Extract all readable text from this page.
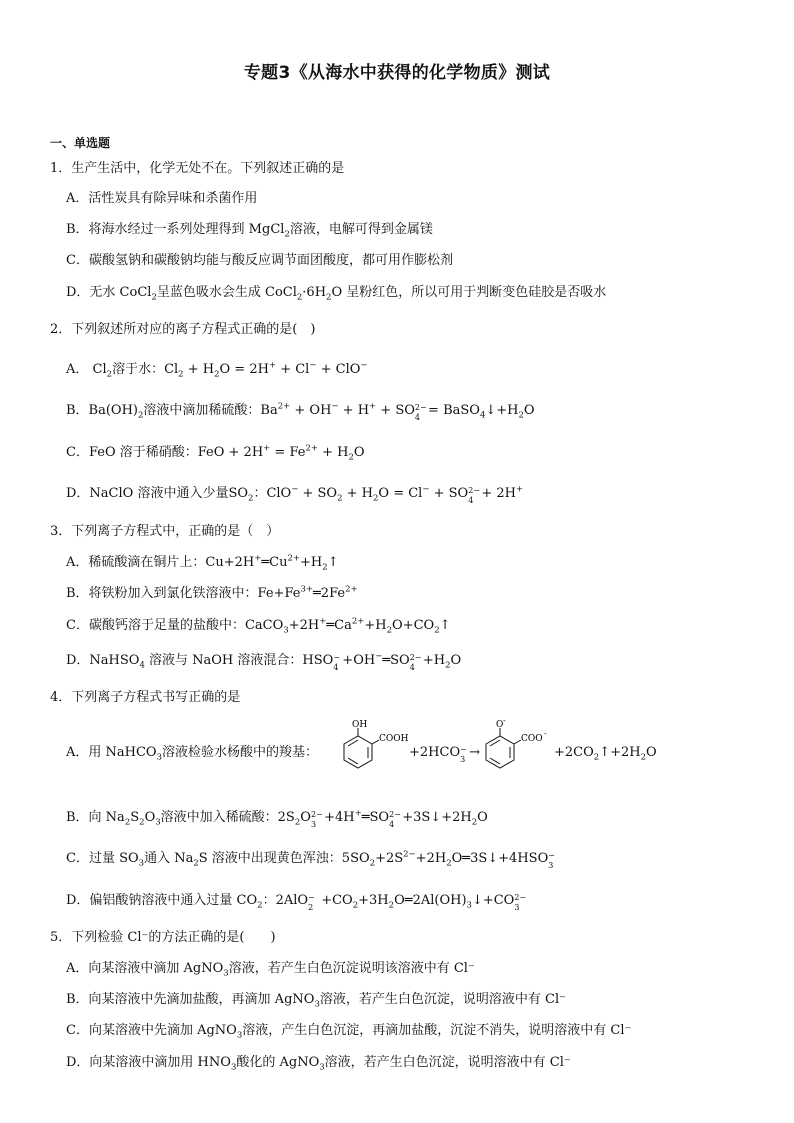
专题3《从海水中获得的化学物质》测试
一、单选题
1．生产生活中，化学无处不在。下列叙述正确的是
A．活性炭具有除异味和杀菌作用
B．将海水经过一系列处理得到 MgCl$_2$溶液，电解可得到金属镁
C．碳酸氢钠和碳酸钠均能与酸反应调节面团酸度，都可用作膨松剂
D．无水 CoCl$_2$呈蓝色吸水会生成 $CoCl_2\cdot 6H_2O$ 呈粉红色，所以可用于判断变色硅胶是否吸水
2．下列叙述所对应的离子方程式正确的是(　)
A． $Cl_2$溶于水：$Cl_2 + H_2O = 2H^+ + Cl^- + ClO^-$
B．$Ba(OH)_2$溶液中滴加稀硫酸：$Ba^{2+} + OH^- + H^+$ + SO 2−
$4 = BaSO_4↓+H_2O$
C．FeO 溶于稀硝酸：FeO + $2H^+ = Fe^{2+} + H_2O$
D．NaClO 溶液中通入少量$SO_2$：$ClO^- + SO_2 + H_2O = Cl^-$ + SO 2−
4 + 2H+
3．下列离子方程式中，正确的是（　）
A．稀硫酸滴在铜片上：$Cu+2H^+═Cu^{2+}+H_2↑$
B．将铁粉加入到氯化铁溶液中：$Fe+Fe^{3+}═2Fe^{2+}$
C．碳酸钙溶于足量的盐酸中：$CaCO_3+2H^+═Ca^{2+}+H_2O+CO_2↑$
D．NaHSO$_4$ 溶液与 NaOH 溶液混合：HSO −
4 +OH−═SO 2−
$4 +H_2O$
4．下列离子方程式书写正确的是
A．用 NaHCO$_3$溶液检验水杨酸中的羧基：
OH
COOH
+2HCO −
3 →
O -
COO
-
$+2CO_2↑+2H_2O$
B．向 $Na_2S_2O_3$溶液中加入稀硫酸：$2S_2O$ 2−
3 +4H+═SO 2−
$4 +3S↓+2H_2O$
C．过量 $SO_3$通入 $Na_2S$ 溶液中出现黄色浑浊：$5SO_2+2S^{2-}+2H_2O═3S↓+4HSO$ −
3
D．偏铝酸钠溶液中通入过量 $CO_2$：2AlO −
$2 +CO_2+3H_2O═2Al(OH)_3↓+CO$ 2−
3
5．下列检验 Cl⁻的方法正确的是(　　)
A．向某溶液中滴加 AgNO$_3$溶液，若产生白色沉淀说明该溶液中有 Cl⁻
B．向某溶液中先滴加盐酸，再滴加 AgNO$_3$溶液，若产生白色沉淀，说明溶液中有 Cl⁻
C．向某溶液中先滴加 AgNO$_3$溶液，产生白色沉淀，再滴加盐酸，沉淀不消失，说明溶液中有 Cl⁻
D．向某溶液中滴加用 $HNO_3$酸化的 AgNO$_3$溶液，若产生白色沉淀，说明溶液中有 Cl⁻
